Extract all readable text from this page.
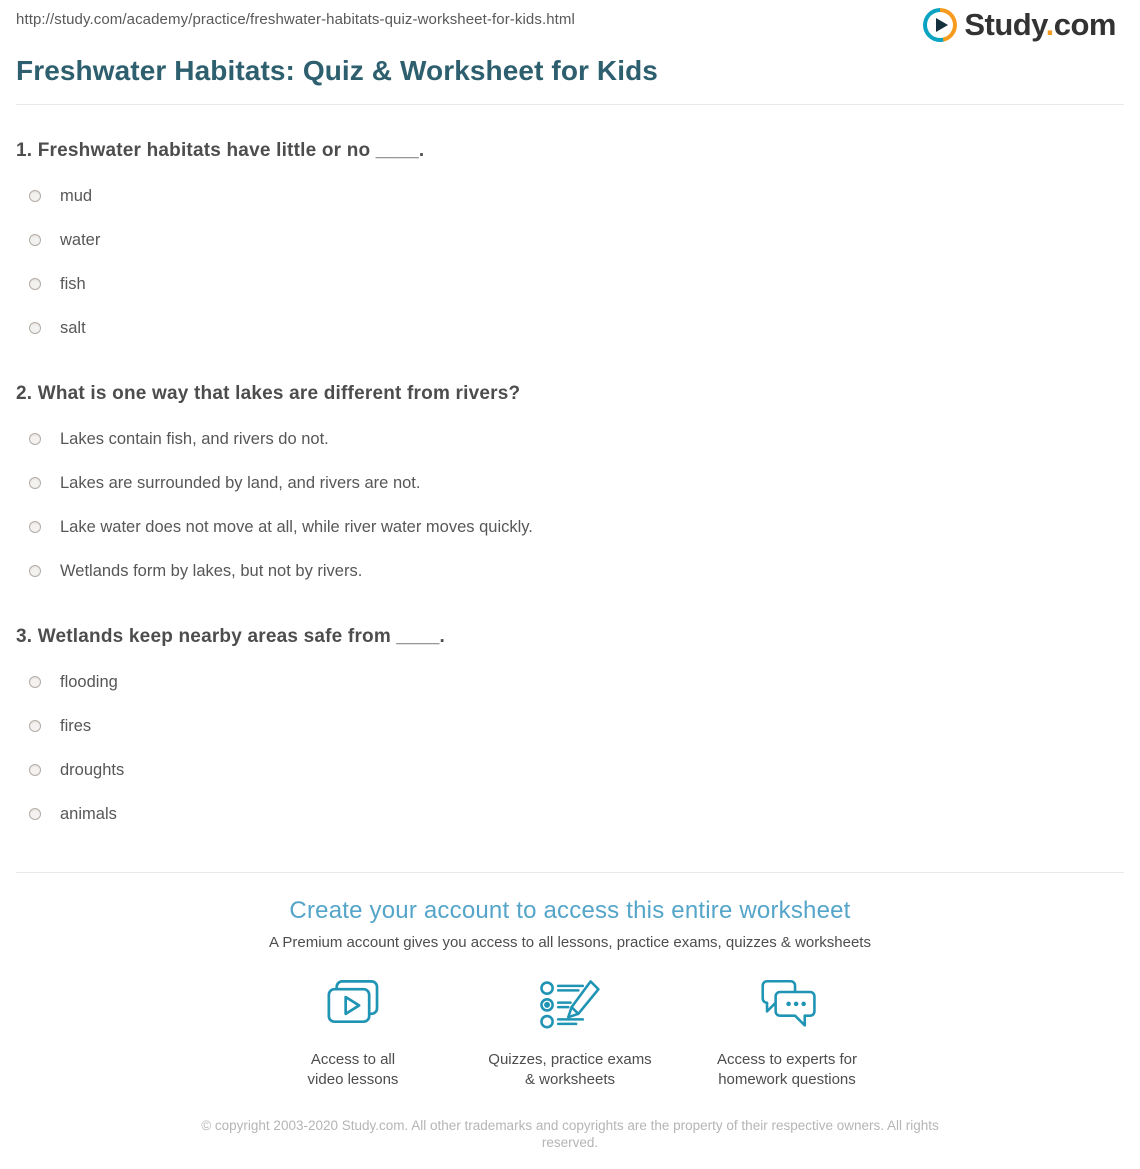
http://study.com/academy/practice/freshwater-habitats-quiz-worksheet-for-kids.html	Study.com
Freshwater Habitats: Quiz & Worksheet for Kids
1. Freshwater habitats have little or no ____.
mud
water
fish
salt
2. What is one way that lakes are different from rivers?
Lakes contain fish, and rivers do not.
Lakes are surrounded by land, and rivers are not.
Lake water does not move at all, while river water moves quickly.
Wetlands form by lakes, but not by rivers.
3. Wetlands keep nearby areas safe from ____.
flooding
fires
droughts
animals
Create your account to access this entire worksheet
A Premium account gives you access to all lessons, practice exams, quizzes & worksheets
Access to all
video lessons
Quizzes, practice exams
& worksheets
Access to experts for
homework questions
© copyright 2003-2020 Study.com. All other trademarks and copyrights are the property of their respective owners. All rights reserved.
